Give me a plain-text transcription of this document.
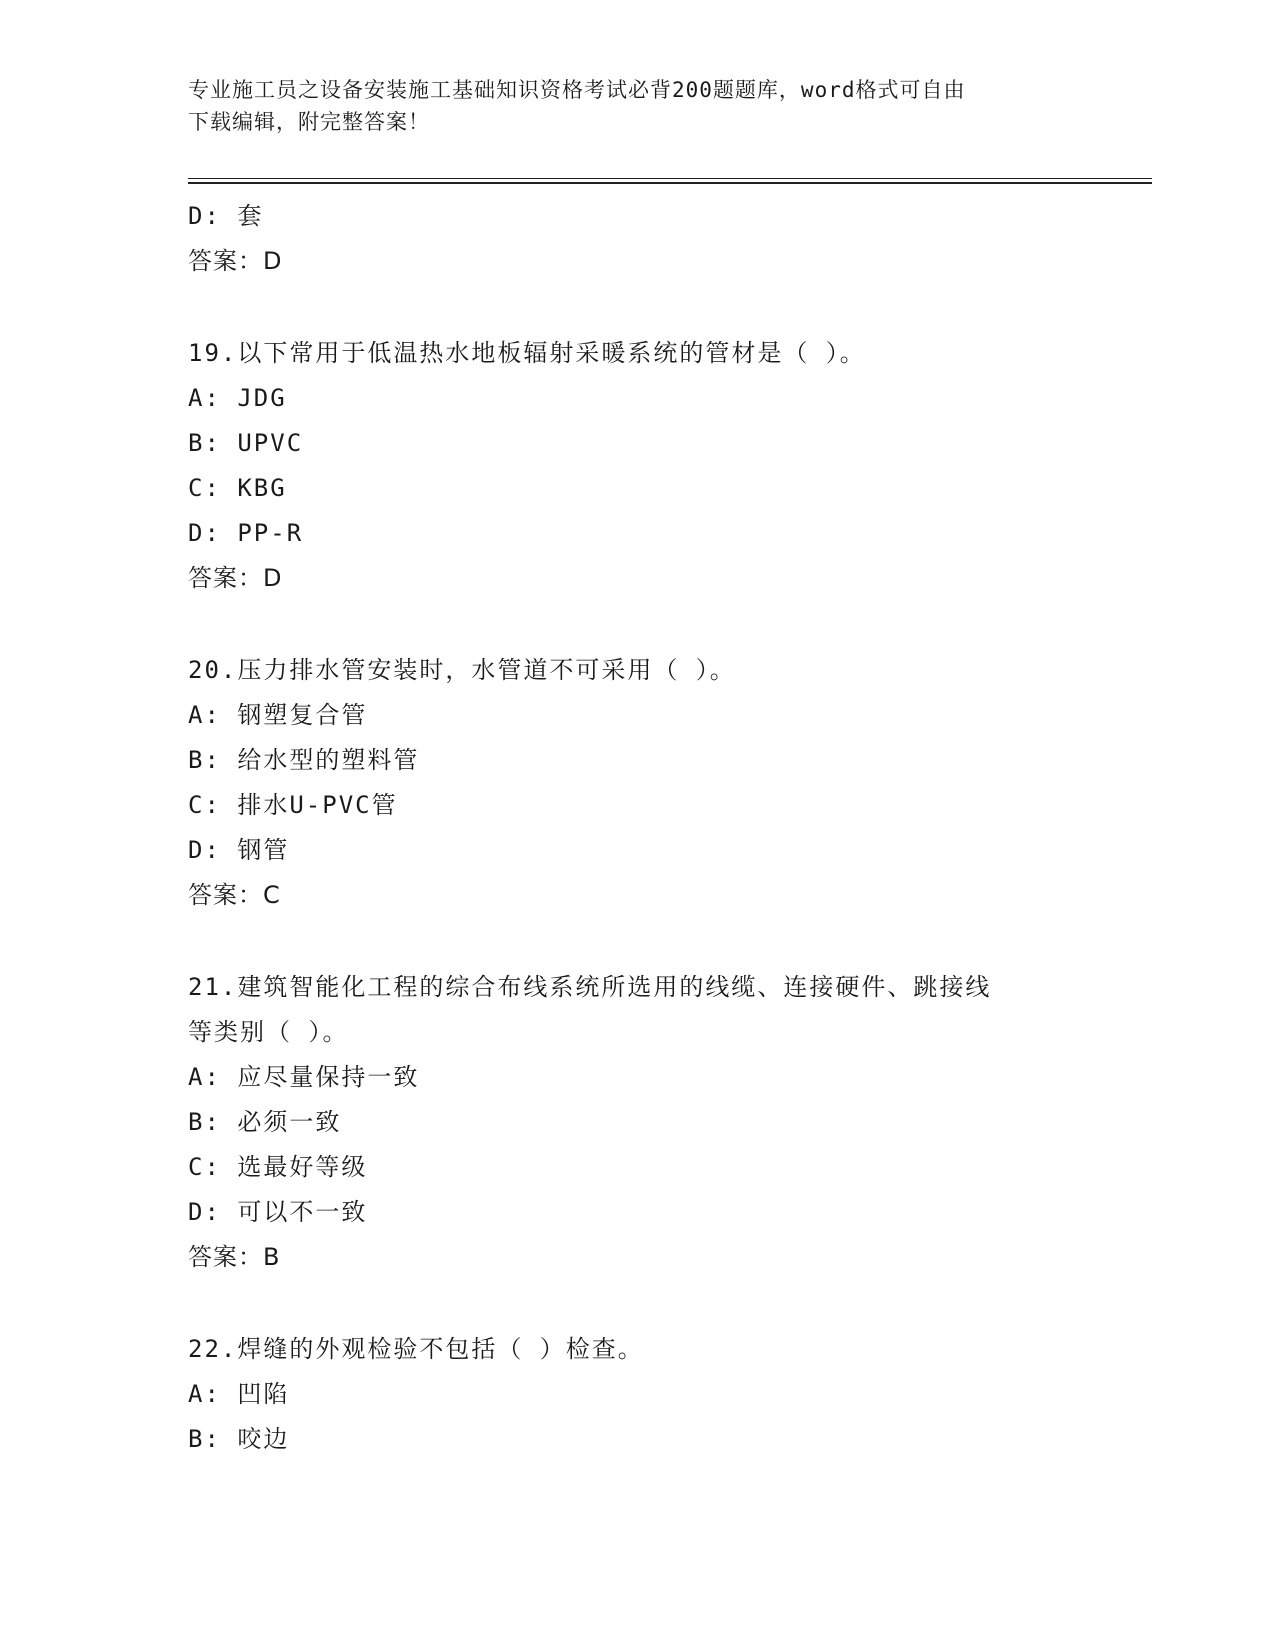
专业施工员之设备安装施工基础知识资格考试必背200题题库，word格式可自由
下载编辑，附完整答案！
D: 套
答案：D
19.以下常用于低温热水地板辐射采暖系统的管材是（ ）。
A: JDG
B: UPVC
C: KBG
D: PP-R
答案：D
20.压力排水管安装时，水管道不可采用（ ）。
A: 钢塑复合管
B: 给水型的塑料管
C: 排水U-PVC管
D: 钢管
答案：C
21.建筑智能化工程的综合布线系统所选用的线缆、连接硬件、跳接线
等类别（ ）。
A: 应尽量保持一致
B: 必须一致
C: 选最好等级
D: 可以不一致
答案：B
22.焊缝的外观检验不包括（ ）检查。
A: 凹陷
B: 咬边
